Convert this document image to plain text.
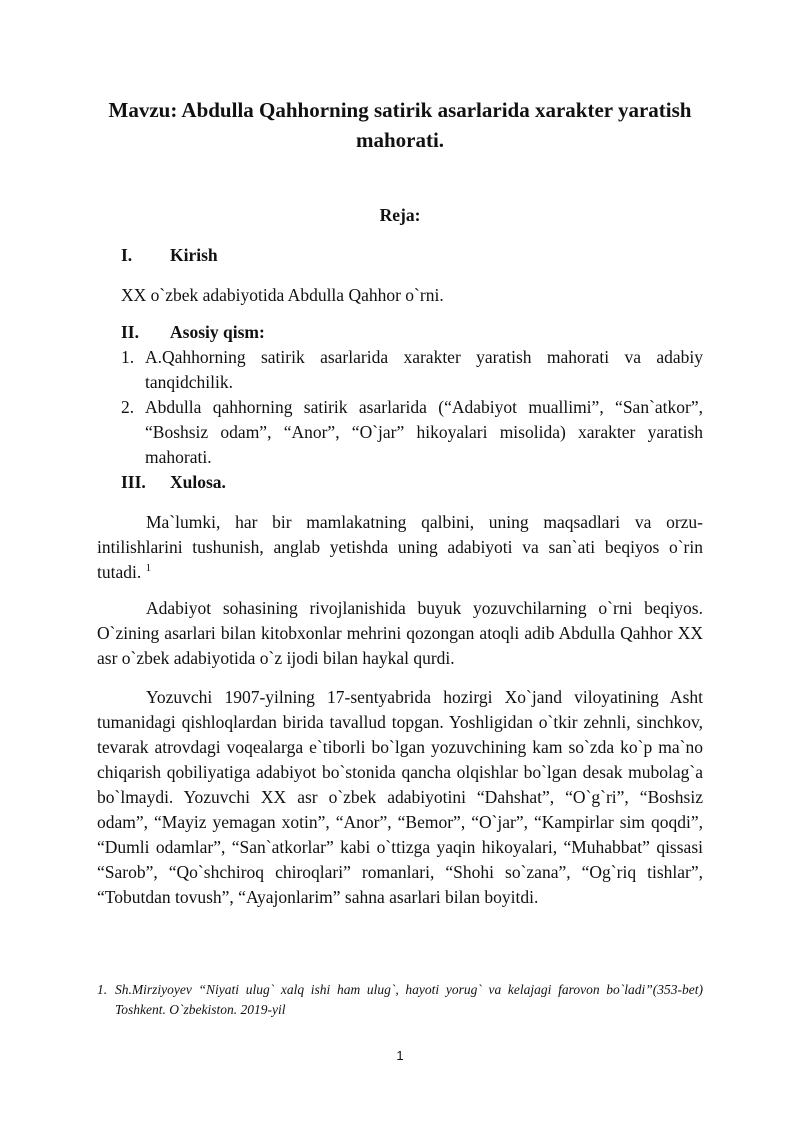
Mavzu: Abdulla Qahhorning satirik asarlarida xarakter yaratish mahorati.
Reja:
I.	Kirish
XX o`zbek adabiyotida Abdulla Qahhor o`rni.
II.	Asosiy qism:
1. A.Qahhorning satirik asarlarida xarakter yaratish mahorati va adabiy tanqidchilik.
2. Abdulla qahhorning satirik asarlarida (“Adabiyot muallimi”, “San`atkor”, “Boshsiz odam”, “Anor”, “O`jar” hikoyalari misolida) xarakter yaratish mahorati.
III.	Xulosa.

Ma`lumki, har bir mamlakatning qalbini, uning maqsadlari va orzu-intilishlarini tushunish, anglab yetishda uning adabiyoti va san`ati beqiyos o`rin tutadi. $^1$

Adabiyot sohasining rivojlanishida buyuk yozuvchilarning o`rni beqiyos. O`zining asarlari bilan kitobxonlar mehrini qozongan atoqli adib Abdulla Qahhor XX asr o`zbek adabiyotida o`z ijodi bilan haykal qurdi.

Yozuvchi 1907-yilning 17-sentyabrida hozirgi Xo`jand viloyatining Asht tumanidagi qishloqlardan birida tavallud topgan. Yoshligidan o`tkir zehnli, sinchkov, tevarak atrovdagi voqealarga e`tiborli bo`lgan yozuvchining kam so`zda ko`p ma`no chiqarish qobiliyatiga adabiyot bo`stonida qancha olqishlar bo`lgan desak mubolag`a bo`lmaydi. Yozuvchi XX asr o`zbek adabiyotini “Dahshat”, “O`g`ri”, “Boshsiz odam”, “Mayiz yemagan xotin”, “Anor”, “Bemor”, “O`jar”, “Kampirlar sim qoqdi”, “Dumli odamlar”, “San`atkorlar” kabi o`ttizga yaqin hikoyalari, “Muhabbat” qissasi “Sarob”, “Qo`shchiroq chiroqlari” romanlari, “Shohi so`zana”, “Og`riq tishlar”, “Tobutdan tovush”, “Ayajonlarim” sahna asarlari bilan boyitdi.

1. Sh.Mirziyoyev “Niyati ulug` xalq ishi ham ulug`, hayoti yorug` va kelajagi farovon bo`ladi”(353-bet) Toshkent. O`zbekiston. 2019-yil
1
